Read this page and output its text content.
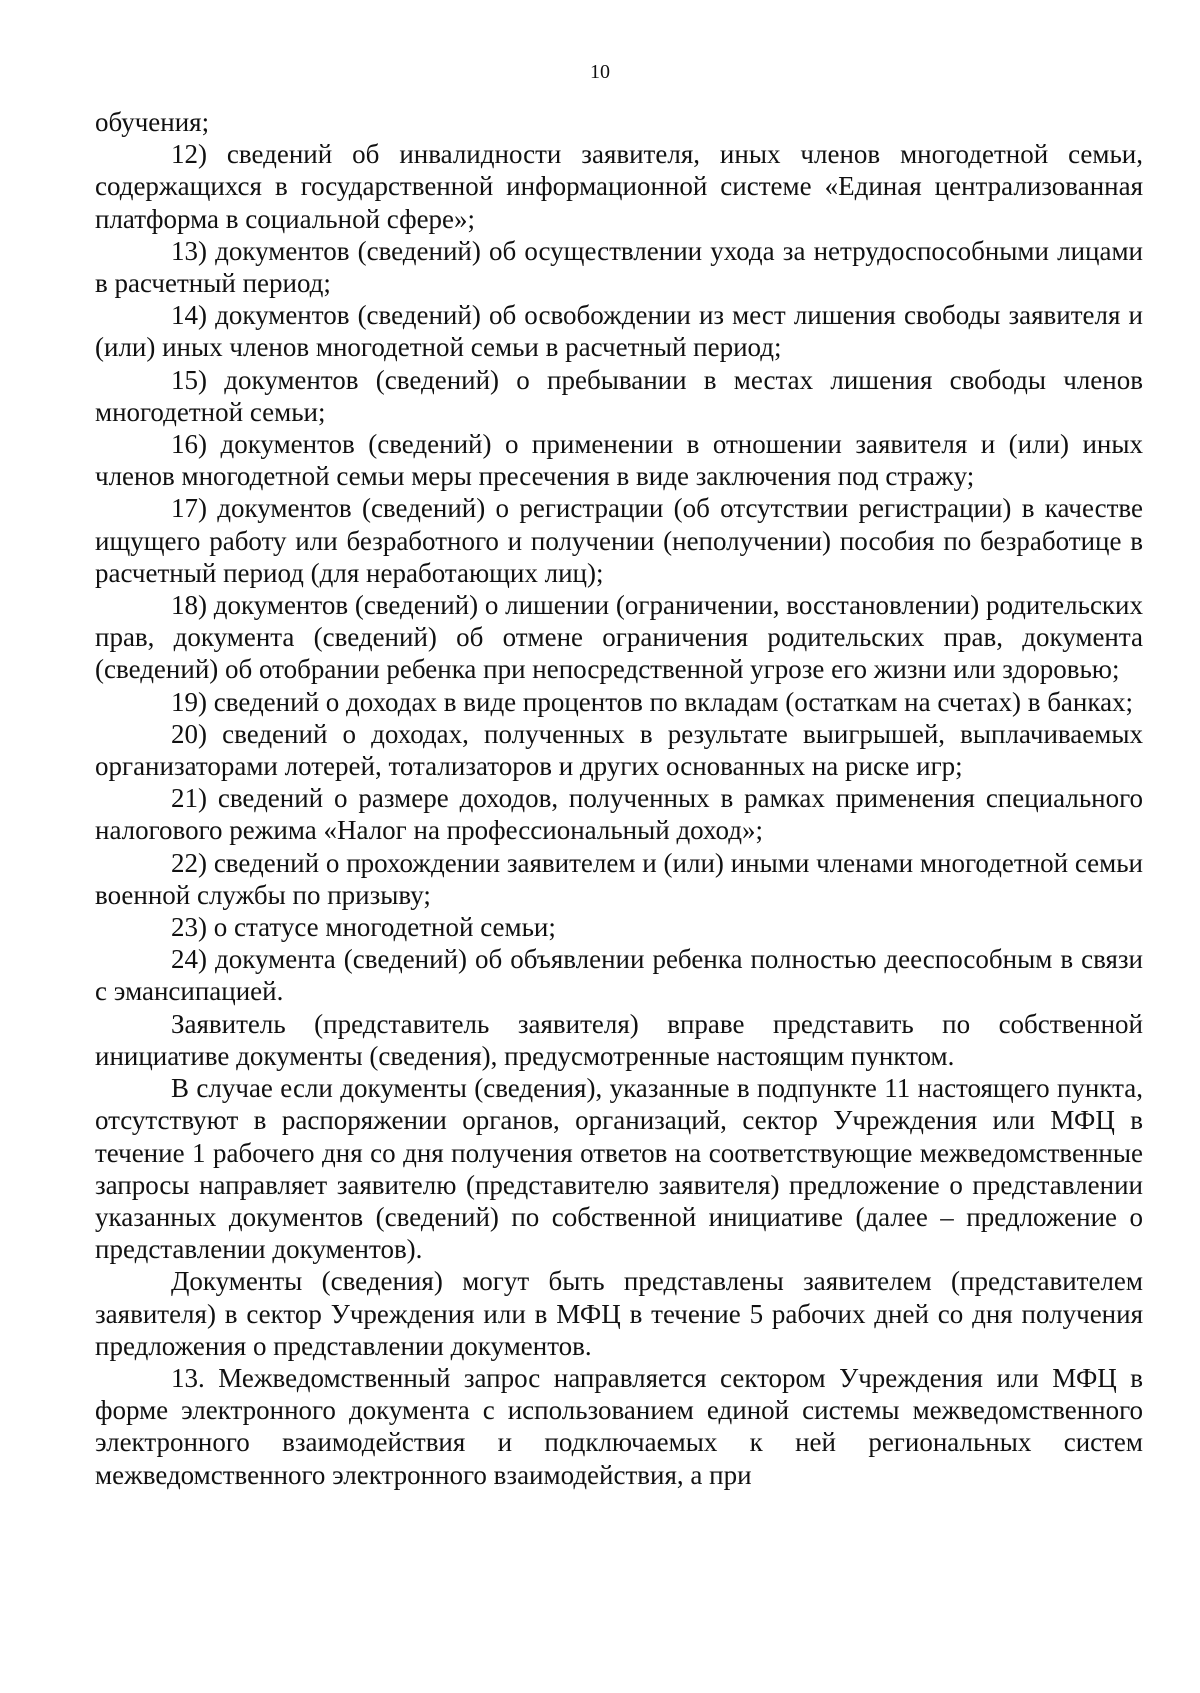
10

обучения;

12) сведений об инвалидности заявителя, иных членов многодетной семьи, содержащихся в государственной информационной системе «Единая централизованная платформа в социальной сфере»;

13) документов (сведений) об осуществлении ухода за нетрудоспособными лицами в расчетный период;

14) документов (сведений) об освобождении из мест лишения свободы заявителя и (или) иных членов многодетной семьи в расчетный период;

15) документов (сведений) о пребывании в местах лишения свободы членов многодетной семьи;

16) документов (сведений) о применении в отношении заявителя и (или) иных членов многодетной семьи меры пресечения в виде заключения под стражу;

17) документов (сведений) о регистрации (об отсутствии регистрации) в качестве ищущего работу или безработного и получении (неполучении) пособия по безработице в расчетный период (для неработающих лиц);

18) документов (сведений) о лишении (ограничении, восстановлении) родительских прав, документа (сведений) об отмене ограничения родительских прав, документа (сведений) об отобрании ребенка при непосредственной угрозе его жизни или здоровью;

19) сведений о доходах в виде процентов по вкладам (остаткам на счетах) в банках;

20) сведений о доходах, полученных в результате выигрышей, выплачиваемых организаторами лотерей, тотализаторов и других основанных на риске игр;

21) сведений о размере доходов, полученных в рамках применения специального налогового режима «Налог на профессиональный доход»;

22) сведений о прохождении заявителем и (или) иными членами многодетной семьи военной службы по призыву;

23) о статусе многодетной семьи;

24) документа (сведений) об объявлении ребенка полностью дееспособным в связи с эмансипацией.

Заявитель (представитель заявителя) вправе представить по собственной инициативе документы (сведения), предусмотренные настоящим пунктом.

В случае если документы (сведения), указанные в подпункте 11 настоящего пункта, отсутствуют в распоряжении органов, организаций, сектор Учреждения или МФЦ в течение 1 рабочего дня со дня получения ответов на соответствующие межведомственные запросы направляет заявителю (представителю заявителя) предложение о представлении указанных документов (сведений) по собственной инициативе (далее – предложение о представлении документов).

Документы (сведения) могут быть представлены заявителем (представителем заявителя) в сектор Учреждения или в МФЦ в течение 5 рабочих дней со дня получения предложения о представлении документов.

13. Межведомственный запрос направляется сектором Учреждения или МФЦ в форме электронного документа с использованием единой системы межведомственного электронного взаимодействия и подключаемых к ней региональных систем межведомственного электронного взаимодействия, а при
